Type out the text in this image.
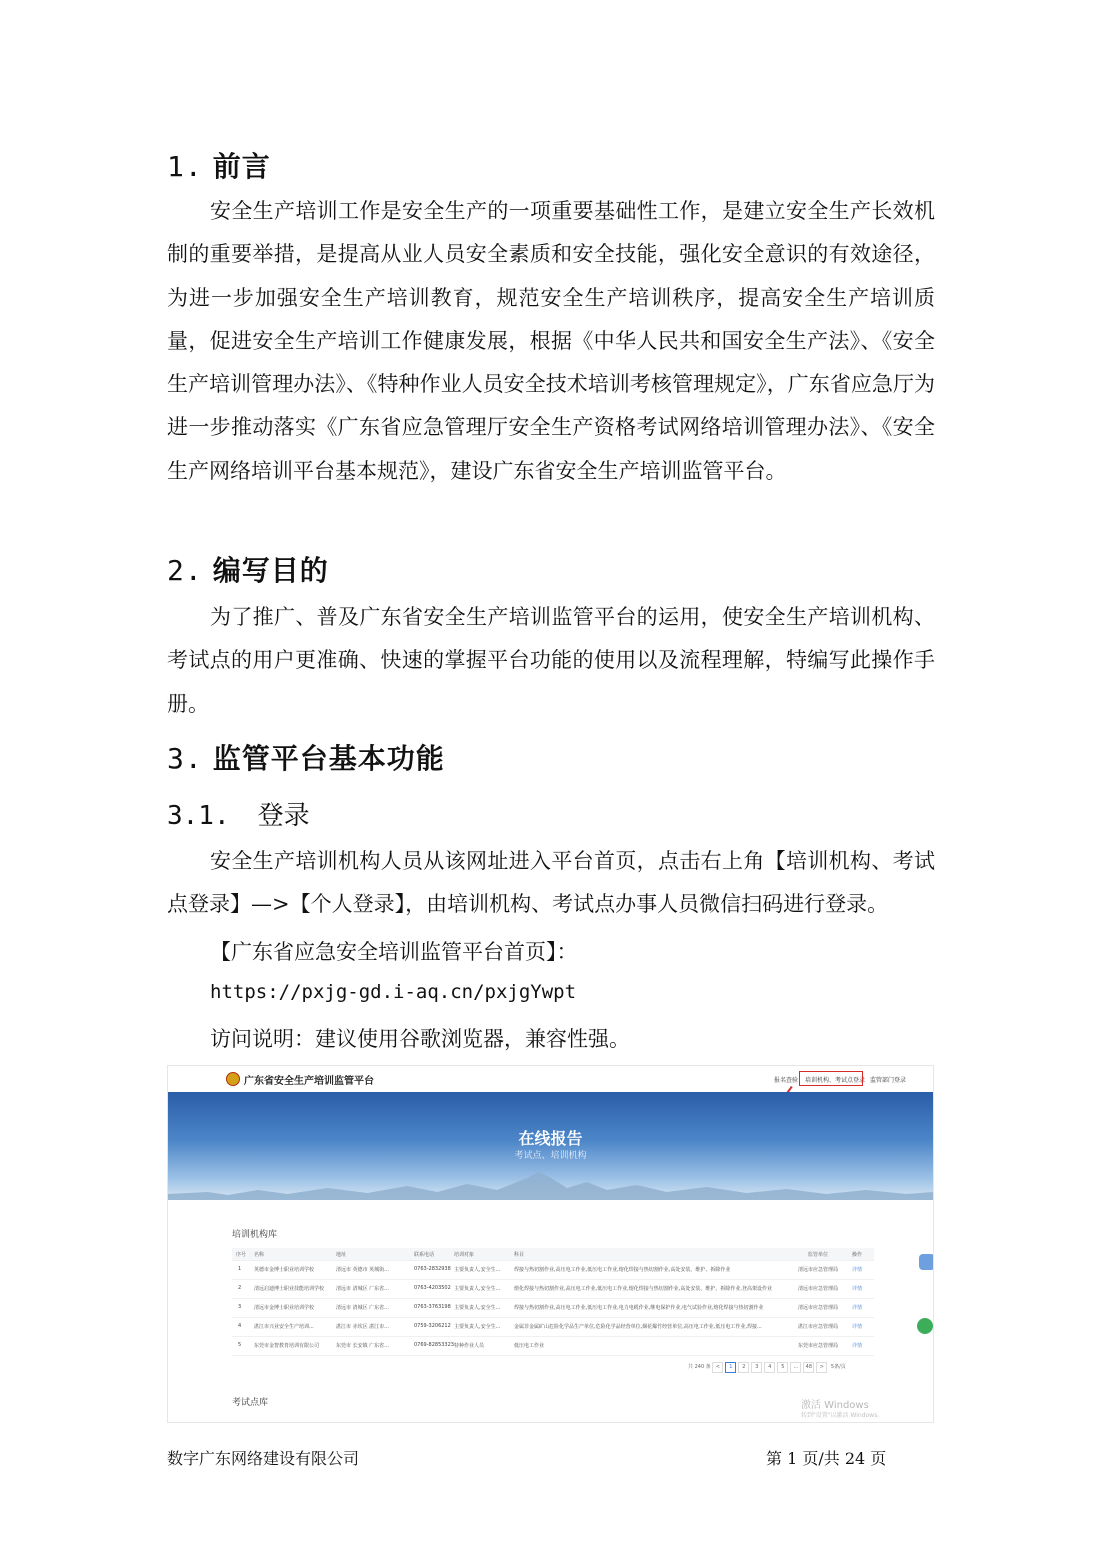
1. 前言
安全生产培训工作是安全生产的一项重要基础性工作，是建立安全生产长效机制的重要举措，是提高从业人员安全素质和安全技能，强化安全意识的有效途径，为进一步加强安全生产培训教育，规范安全生产培训秩序，提高安全生产培训质量，促进安全生产培训工作健康发展，根据《中华人民共和国安全生产法》、《安全生产培训管理办法》、《特种作业人员安全技术培训考核管理规定》，广东省应急厅为进一步推动落实《广东省应急管理厅安全生产资格考试网络培训管理办法》、《安全生产网络培训平台基本规范》，建设广东省安全生产培训监管平台。
2. 编写目的
为了推广、普及广东省安全生产培训监管平台的运用，使安全生产培训机构、考试点的用户更准确、快速的掌握平台功能的使用以及流程理解，特编写此操作手册。
3. 监管平台基本功能
3.1. 登录
安全生产培训机构人员从该网址进入平台首页，点击右上角【培训机构、考试点登录】—>【个人登录】，由培训机构、考试点办事人员微信扫码进行登录。
【广东省应急安全培训监管平台首页】：
https://pxjg-gd.i-aq.cn/pxjgYwpt
访问说明：建议使用谷歌浏览器，兼容性强。
广东省安全生产培训监管平台	报名查验 培训机构、考试点登录 监管部门登录
在线报告
考试点、培训机构
培训机构库
序号 名称	地址	联系电话	培训对象	科目	监管单位	操作
1	英德市金博士职业培训学校	清远市 英德市 英城街...	0763-2832938 主要负责人,安全生...	焊接与热切割作业,高压电工作业,低压电工作业,熔化焊接与热切割作业,高处安装、维护、拆除作业	清远市应急管理局	详情
2	清远启迪博士职业技能培训学校	清远市 清城区 广东省...	0763-4203502 主要负责人,安全生...	熔化焊接与热切割作业,高压电工作业,低压电工作业,熔化焊接与热切割作业,高处安装、维护、拆除作业,登高架设作业	清远市应急管理局	详情
3	清远市金博士职业培训学校	清远市 清城区 广东省...	0763-3763198 主要负责人,安全生...	焊接与热切割作业,高压电工作业,低压电工作业,电力电缆作业,继电保护作业,电气试验作业,熔化焊接与热切割作业	清远市应急管理局	详情
4	湛江市兴业安全生产培训...	湛江市 赤坎区 湛江市...	0759-3206212 主要负责人,安全生...	金属非金属矿山危险化学品生产单位,危险化学品经营单位,烟花爆竹经营单位,高压电工作业,低压电工作业,焊接...	湛江市应急管理局	详情
5	东莞市金智教育培训有限公司	东莞市 长安镇 广东省...	0769-82853323 特种作业人员	低压电工作业	东莞市应急管理局	详情
共 240 条 < 1 2 3 4 5 ... 48 > 5条/页
考试点库	激活 Windows
转到"设置"以激活 Windows。
数字广东网络建设有限公司	第 1 页/共 24 页
